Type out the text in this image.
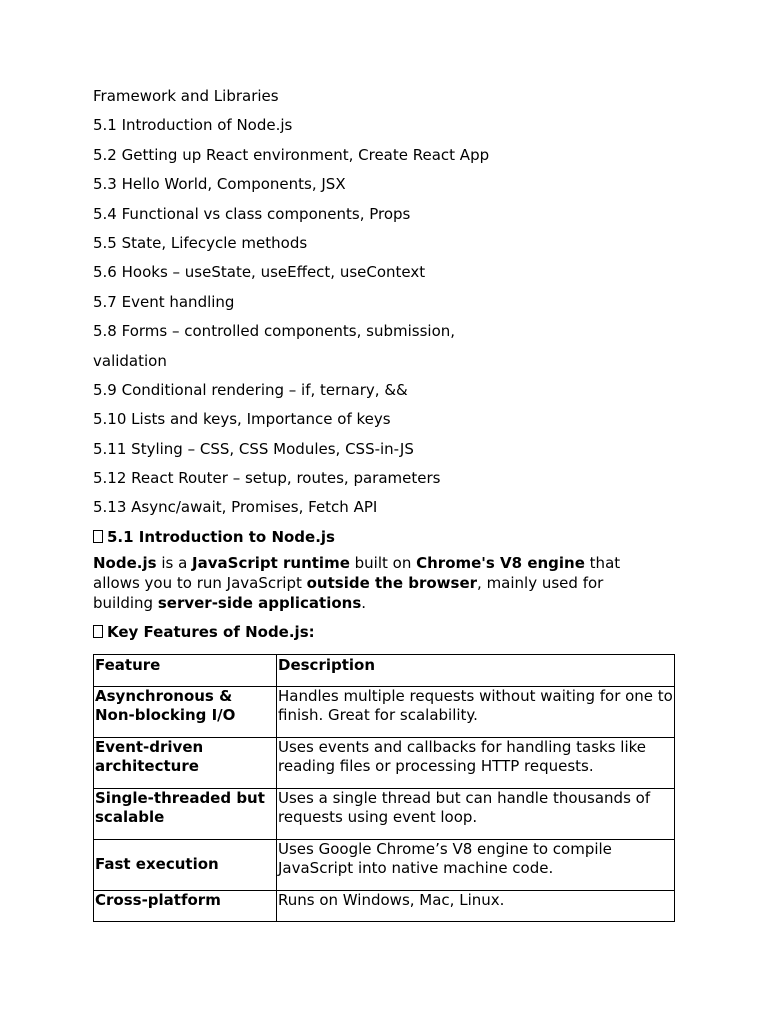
Framework and Libraries
5.1 Introduction of Node.js
5.2 Getting up React environment, Create React App
5.3 Hello World, Components, JSX
5.4 Functional vs class components, Props
5.5 State, Lifecycle methods
5.6 Hooks – useState, useEffect, useContext
5.7 Event handling
5.8 Forms – controlled components, submission,
validation
5.9 Conditional rendering – if, ternary, &&
5.10 Lists and keys, Importance of keys
5.11 Styling – CSS, CSS Modules, CSS-in-JS
5.12 React Router – setup, routes, parameters
5.13 Async/await, Promises, Fetch API
5.1 Introduction to Node.js
Node.js is a JavaScript runtime built on Chrome's V8 engine that allows you to run JavaScript outside the browser, mainly used for building server-side applications.
Key Features of Node.js:
Feature	Description
Asynchronous & Non-blocking I/O	Handles multiple requests without waiting for one to finish. Great for scalability.
Event-driven architecture	Uses events and callbacks for handling tasks like reading files or processing HTTP requests.
Single-threaded but scalable	Uses a single thread but can handle thousands of requests using event loop.
Fast execution	Uses Google Chrome’s V8 engine to compile JavaScript into native machine code.
Cross-platform	Runs on Windows, Mac, Linux.
